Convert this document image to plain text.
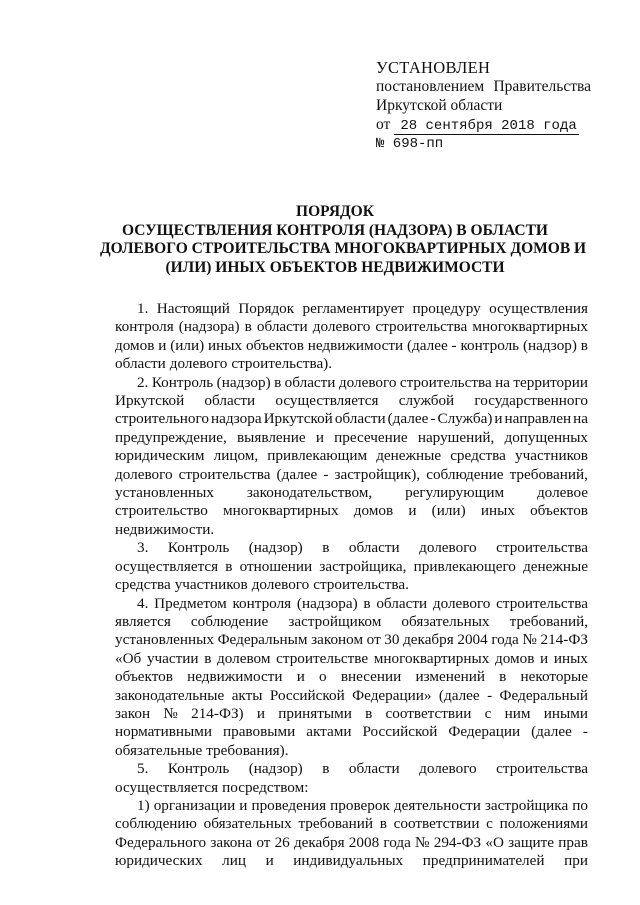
УСТАНОВЛЕН
постановлением Правительства
Иркутской области
от 28 сентября 2018 года
№ 698-пп
ПОРЯДОК
ОСУЩЕСТВЛЕНИЯ КОНТРОЛЯ (НАДЗОРА) В ОБЛАСТИ
ДОЛЕВОГО СТРОИТЕЛЬСТВА МНОГОКВАРТИРНЫХ ДОМОВ И
(ИЛИ) ИНЫХ ОБЪЕКТОВ НЕДВИЖИМОСТИ
1. Настоящий Порядок регламентирует процедуру осуществления
контроля (надзора) в области долевого строительства многоквартирных
домов и (или) иных объектов недвижимости (далее - контроль (надзор) в
области долевого строительства).
2. Контроль (надзор) в области долевого строительства на территории
Иркутской области осуществляется службой государственного
строительного надзора Иркутской области (далее - Служба) и направлен на
предупреждение, выявление и пресечение нарушений, допущенных
юридическим лицом, привлекающим денежные средства участников
долевого строительства (далее - застройщик), соблюдение требований,
установленных законодательством, регулирующим долевое
строительство многоквартирных домов и (или) иных объектов
недвижимости.
3. Контроль (надзор) в области долевого строительства
осуществляется в отношении застройщика, привлекающего денежные
средства участников долевого строительства.
4. Предметом контроля (надзора) в области долевого строительства
является соблюдение застройщиком обязательных требований,
установленных Федеральным законом от 30 декабря 2004 года № 214-ФЗ
«Об участии в долевом строительстве многоквартирных домов и иных
объектов недвижимости и о внесении изменений в некоторые
законодательные акты Российской Федерации» (далее - Федеральный
закон № 214-ФЗ) и принятыми в соответствии с ним иными
нормативными правовыми актами Российской Федерации (далее -
обязательные требования).
5. Контроль (надзор) в области долевого строительства
осуществляется посредством:
1) организации и проведения проверок деятельности застройщика по
соблюдению обязательных требований в соответствии с положениями
Федерального закона от 26 декабря 2008 года № 294-ФЗ «О защите прав
юридических лиц и индивидуальных предпринимателей при
